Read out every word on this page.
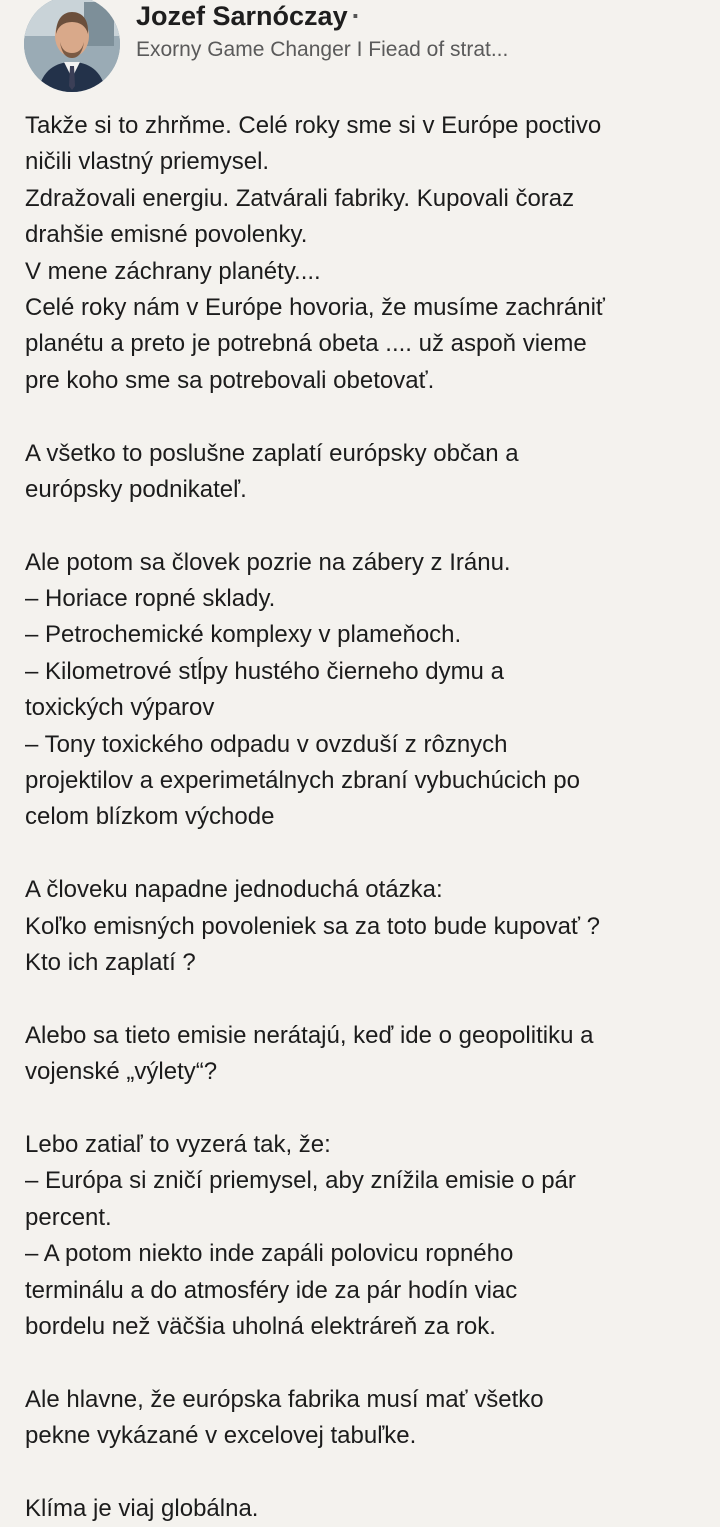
Jozef Sarnóczay ·
Exorny Game Changer I Fiead of strat...
Takže si to zhrňme. Celé roky sme si v Európe poctivo
ničili vlastný priemysel.
Zdražovali energiu. Zatvárali fabriky. Kupovali čoraz
drahšie emisné povolenky.
V mene záchrany planéty....
Celé roky nám v Európe hovoria, že musíme zachrániť
planétu a preto je potrebná obeta .... už aspoň vieme
pre koho sme sa potrebovali obetovať.
A všetko to poslušne zaplatí európsky občan a
európsky podnikateľ.
Ale potom sa človek pozrie na zábery z Iránu.
– Horiace ropné sklady.
– Petrochemické komplexy v plameňoch.
– Kilometrové stĺpy hustého čierneho dymu a
toxických výparov
– Tony toxického odpadu v ovzduší z rôznych
projektilov a experimetálnych zbraní vybuchúcich po
celom blízkom východe
A človeku napadne jednoduchá otázka:
Koľko emisných povoleniek sa za toto bude kupovať ?
Kto ich zaplatí ?
Alebo sa tieto emisie nerátajú, keď ide o geopolitiku a
vojenské „výlety“?
Lebo zatiaľ to vyzerá tak, že:
– Európa si zničí priemysel, aby znížila emisie o pár
percent.
– A potom niekto inde zapáli polovicu ropného
terminálu a do atmosféry ide za pár hodín viac
bordelu než väčšia uholná elektráreň za rok.
Ale hlavne, že európska fabrika musí mať všetko
pekne vykázané v excelovej tabuľke.
Klíma je viaj globálna.
